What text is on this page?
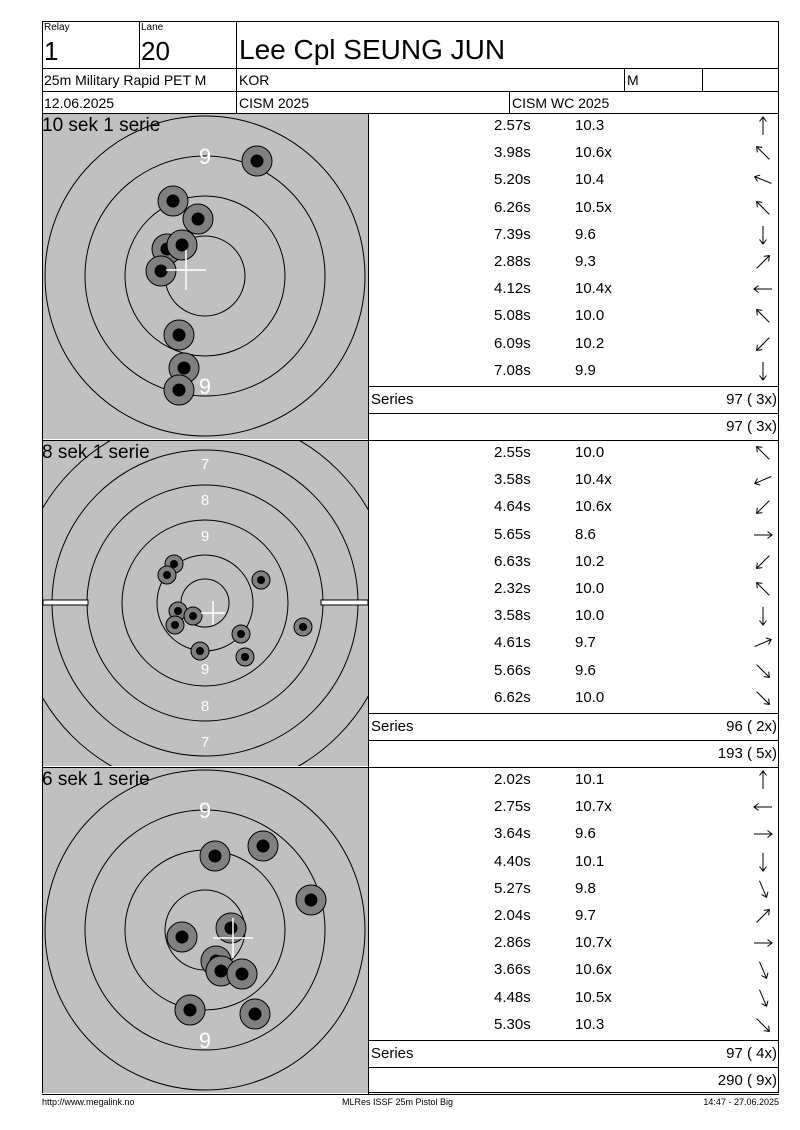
Relay
1
Lane
20 Lee Cpl SEUNG JUN
25m Military Rapid PET M KOR	M
12.06.2025	CISM 2025	CISM WC 2025
9
9
10 sek 1 serie	2.57s	10.3
3.98s	10.6x
5.20s	10.4
6.26s	10.5x
7.39s	9.6
2.88s	9.3
4.12s	10.4x
5.08s	10.0
6.09s	10.2
7.08s	9.9
Series	97 ( 3x)
97 ( 3x)
7
8
9
9
8
7
8 sek 1 serie	2.55s	10.0
3.58s	10.4x
4.64s	10.6x
5.65s	8.6
6.63s	10.2
2.32s	10.0
3.58s	10.0
4.61s	9.7
5.66s	9.6
6.62s	10.0
Series	96 ( 2x)
193 ( 5x)
9
9
6 sek 1 serie	2.02s	10.1
2.75s	10.7x
3.64s	9.6
4.40s	10.1
5.27s	9.8
2.04s	9.7
2.86s	10.7x
3.66s	10.6x
4.48s	10.5x
5.30s	10.3
Series	97 ( 4x)
290 ( 9x)
http://www.megalink.no	MLRes ISSF 25m Pistol Big	14:47 - 27.06.2025
